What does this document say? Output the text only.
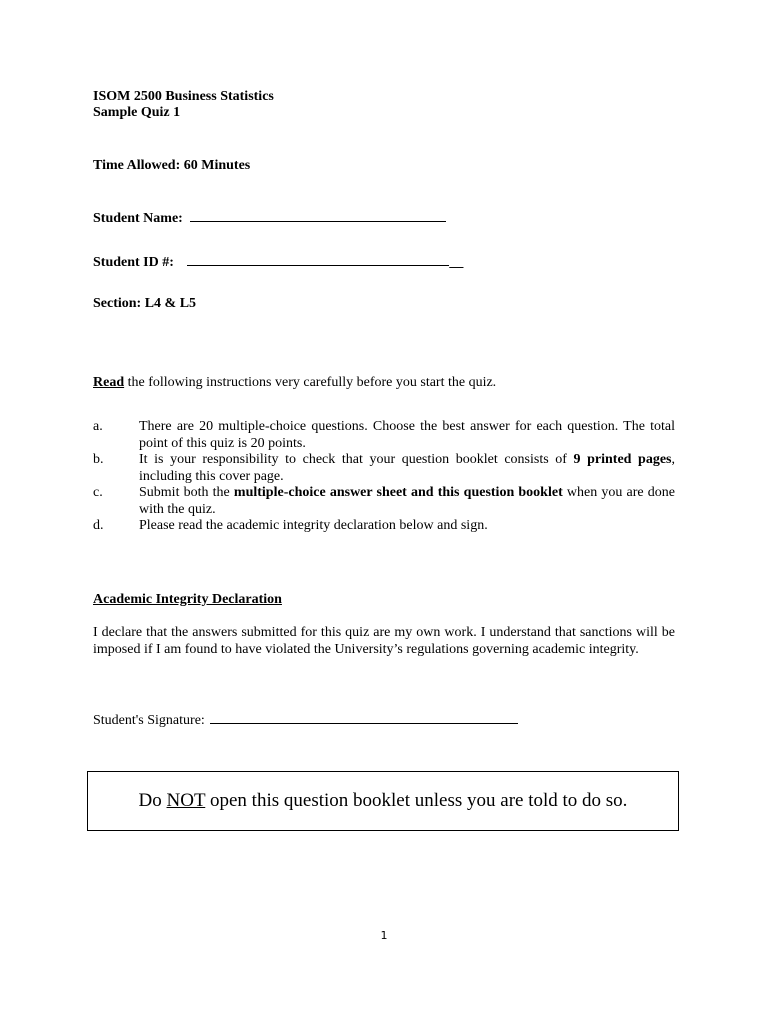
ISOM 2500 Business Statistics
Sample Quiz 1
Time Allowed: 60 Minutes
Student Name:
Student ID #:	__
Section: L4 & L5
Read the following instructions very carefully before you start the quiz.
a.	There are 20 multiple-choice questions. Choose the best answer for each question. The total point of this quiz is 20 points.
b.	It is your responsibility to check that your question booklet consists of 9 printed pages, including this cover page.
c.	Submit both the multiple-choice answer sheet and this question booklet when you are done with the quiz.
d.	Please read the academic integrity declaration below and sign.
Academic Integrity Declaration
I declare that the answers submitted for this quiz are my own work. I understand that sanctions will be imposed if I am found to have violated the University’s regulations governing academic integrity.
Student's Signature:
Do NOT open this question booklet unless you are told to do so.
1
